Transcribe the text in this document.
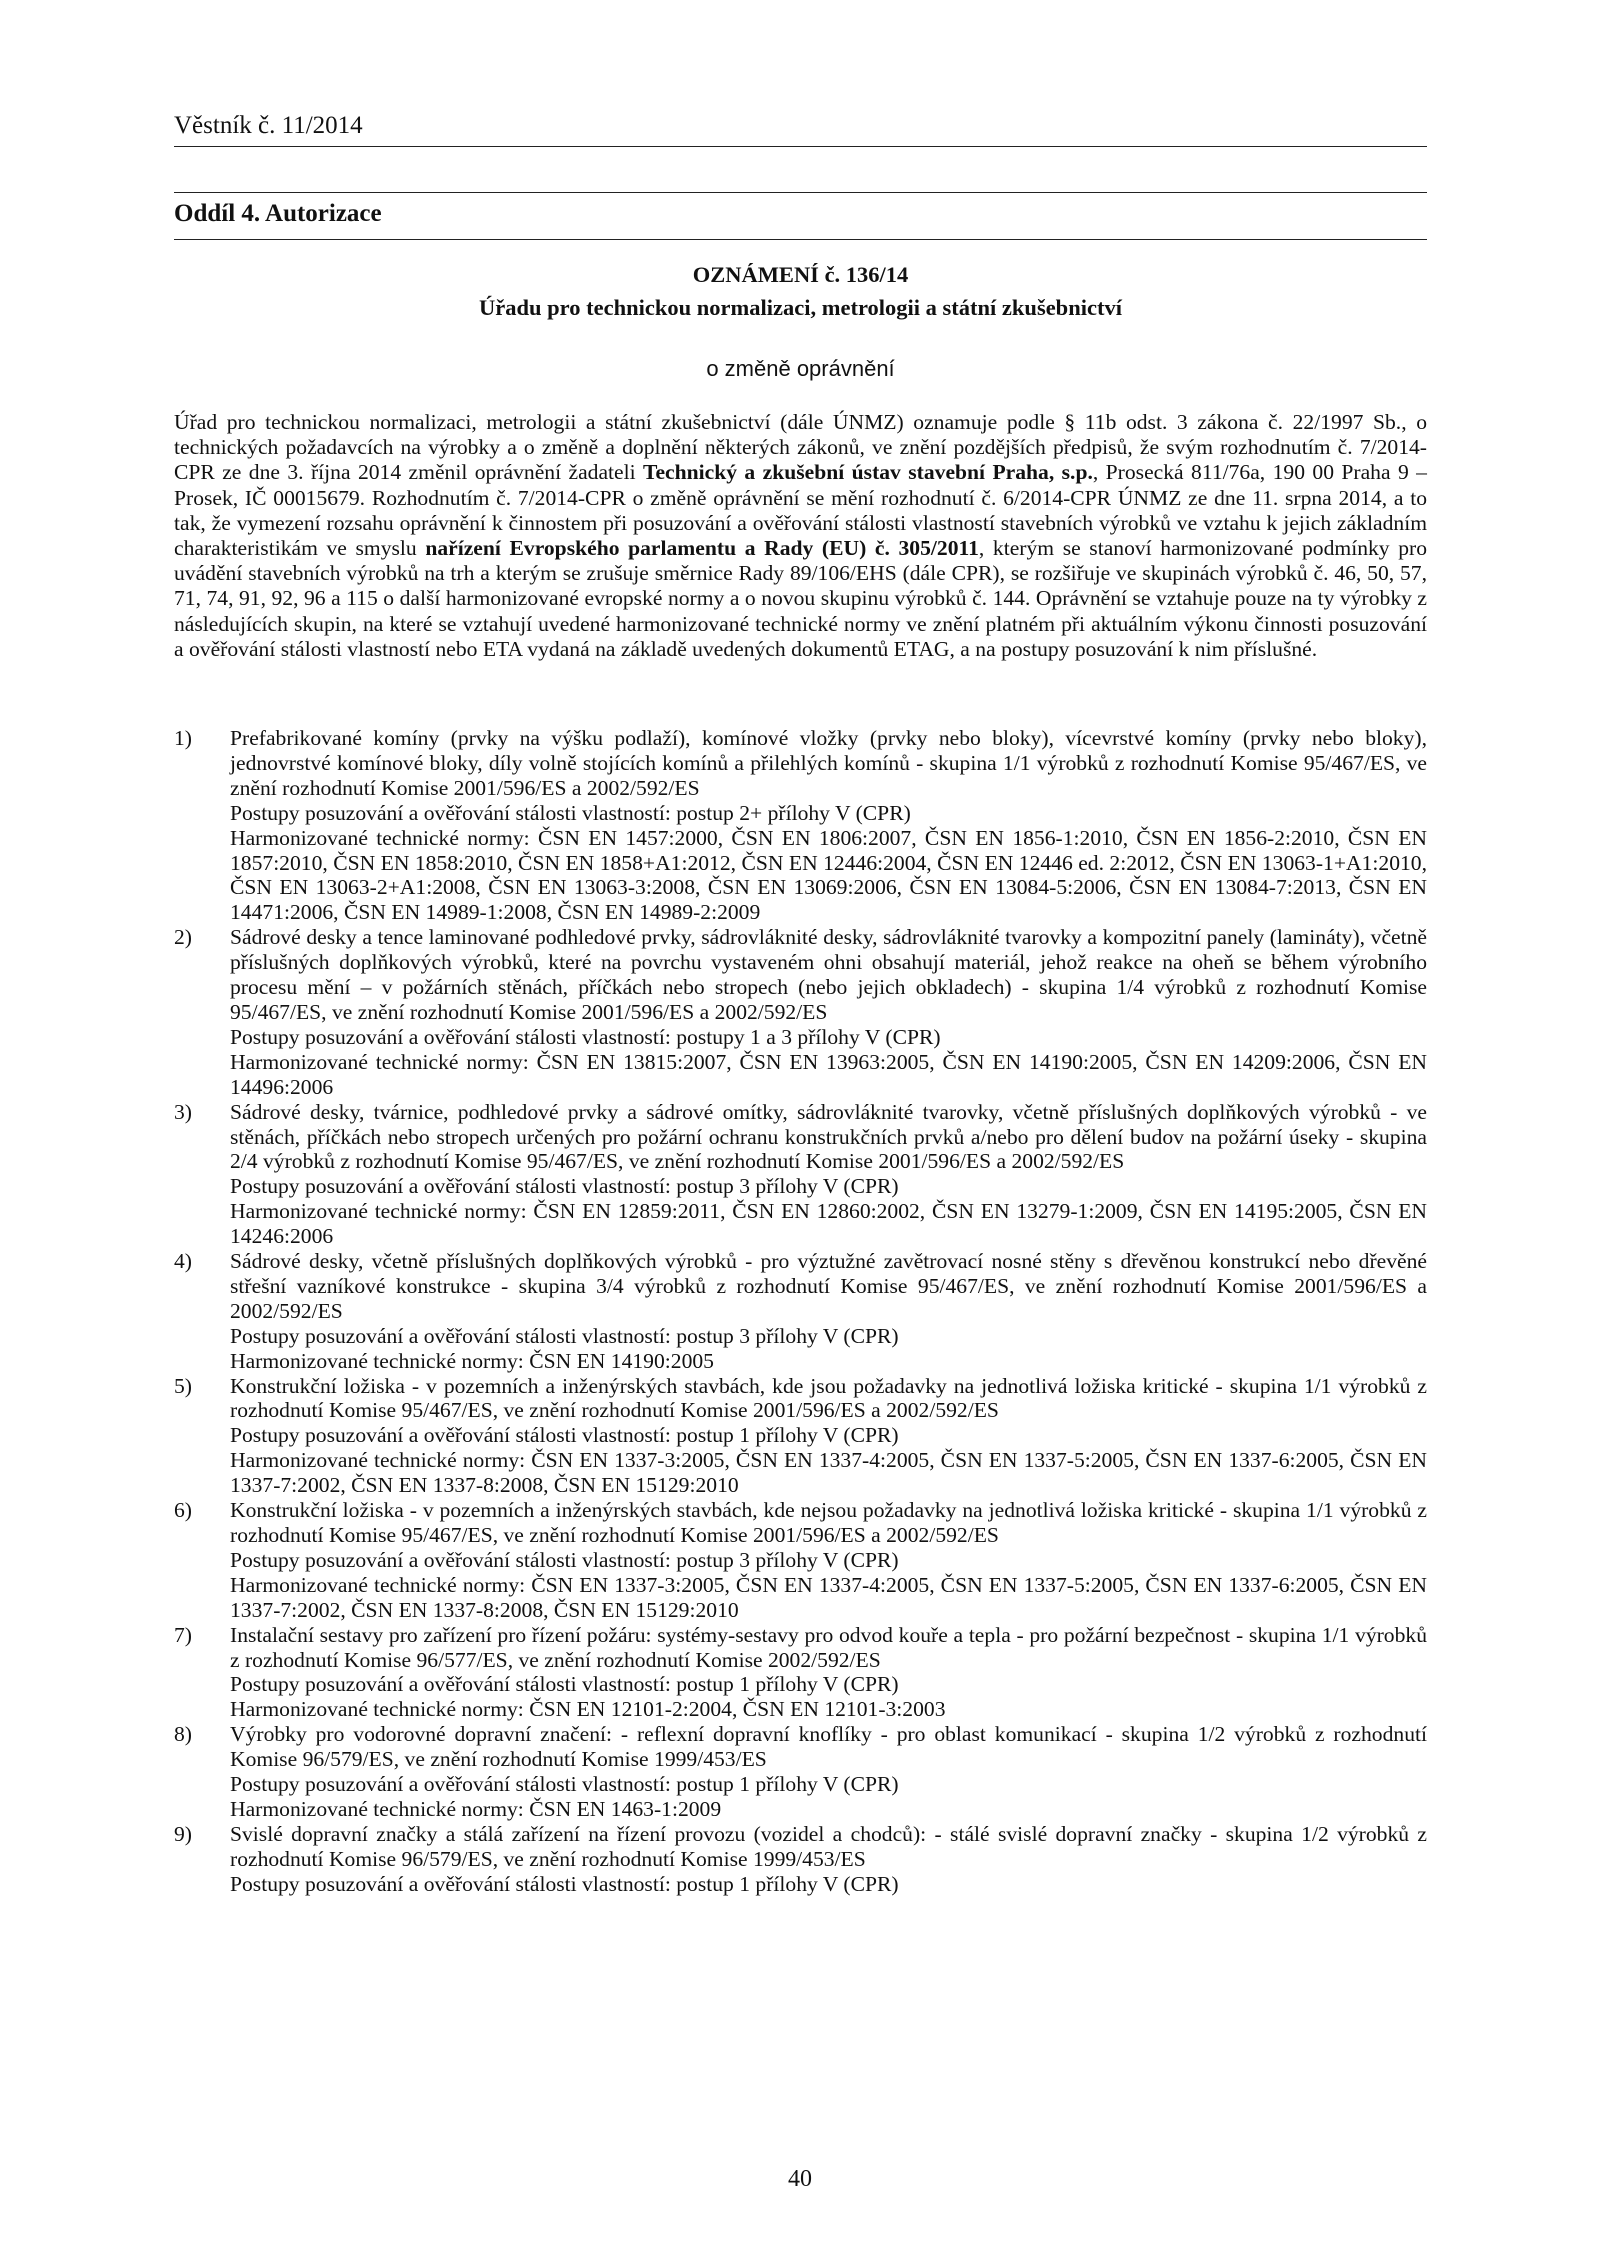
Věstník č. 11/2014
Oddíl 4. Autorizace
OZNÁMENÍ č. 136/14
Úřadu pro technickou normalizaci, metrologii a státní zkušebnictví
o změně oprávnění
Úřad pro technickou normalizaci, metrologii a státní zkušebnictví (dále ÚNMZ) oznamuje podle § 11b odst. 3 zákona č. 22/1997 Sb., o technických požadavcích na výrobky a o změně a doplnění některých zákonů, ve znění pozdějších předpisů, že svým rozhodnutím č. 7/2014-CPR ze dne 3. října 2014 změnil oprávnění žadateli Technický a zkušební ústav stavební Praha, s.p., Prosecká 811/76a, 190 00 Praha 9 – Prosek, IČ 00015679. Rozhodnutím č. 7/2014-CPR o změně oprávnění se mění rozhodnutí č. 6/2014-CPR ÚNMZ ze dne 11. srpna 2014, a to tak, že vymezení rozsahu oprávnění k činnostem při posuzování a ověřování stálosti vlastností stavebních výrobků ve vztahu k jejich základním charakteristikám ve smyslu nařízení Evropského parlamentu a Rady (EU) č. 305/2011, kterým se stanoví harmonizované podmínky pro uvádění stavebních výrobků na trh a kterým se zrušuje směrnice Rady 89/106/EHS (dále CPR), se rozšiřuje ve skupinách výrobků č. 46, 50, 57, 71, 74, 91, 92, 96 a 115 o další harmonizované evropské normy a o novou skupinu výrobků č. 144. Oprávnění se vztahuje pouze na ty výrobky z následujících skupin, na které se vztahují uvedené harmonizované technické normy ve znění platném při aktuálním výkonu činnosti posuzování a ověřování stálosti vlastností nebo ETA vydaná na základě uvedených dokumentů ETAG, a na postupy posuzování k nim příslušné.
1) Prefabrikované komíny (prvky na výšku podlaží), komínové vložky (prvky nebo bloky), vícevrstvé komíny (prvky nebo bloky), jednovrstvé komínové bloky, díly volně stojících komínů a přilehlých komínů - skupina 1/1 výrobků z rozhodnutí Komise 95/467/ES, ve znění rozhodnutí Komise 2001/596/ES a 2002/592/ES
Postupy posuzování a ověřování stálosti vlastností: postup 2+ přílohy V (CPR)
Harmonizované technické normy: ČSN EN 1457:2000, ČSN EN 1806:2007, ČSN EN 1856-1:2010, ČSN EN 1856-2:2010, ČSN EN 1857:2010, ČSN EN 1858:2010, ČSN EN 1858+A1:2012, ČSN EN 12446:2004, ČSN EN 12446 ed. 2:2012, ČSN EN 13063-1+A1:2010, ČSN EN 13063-2+A1:2008, ČSN EN 13063-3:2008, ČSN EN 13069:2006, ČSN EN 13084-5:2006, ČSN EN 13084-7:2013, ČSN EN 14471:2006, ČSN EN 14989-1:2008, ČSN EN 14989-2:2009
2) Sádrové desky a tence laminované podhledové prvky, sádrovláknité desky, sádrovláknité tvarovky a kompozitní panely (lamináty), včetně příslušných doplňkových výrobků, které na povrchu vystaveném ohni obsahují materiál, jehož reakce na oheň se během výrobního procesu mění – v požárních stěnách, příčkách nebo stropech (nebo jejich obkladech) - skupina 1/4 výrobků z rozhodnutí Komise 95/467/ES, ve znění rozhodnutí Komise 2001/596/ES a 2002/592/ES
Postupy posuzování a ověřování stálosti vlastností: postupy 1 a 3 přílohy V (CPR)
Harmonizované technické normy: ČSN EN 13815:2007, ČSN EN 13963:2005, ČSN EN 14190:2005, ČSN EN 14209:2006, ČSN EN 14496:2006
3) Sádrové desky, tvárnice, podhledové prvky a sádrové omítky, sádrovláknité tvarovky, včetně příslušných doplňkových výrobků - ve stěnách, příčkách nebo stropech určených pro požární ochranu konstrukčních prvků a/nebo pro dělení budov na požární úseky - skupina 2/4 výrobků z rozhodnutí Komise 95/467/ES, ve znění rozhodnutí Komise 2001/596/ES a 2002/592/ES
Postupy posuzování a ověřování stálosti vlastností: postup 3 přílohy V (CPR)
Harmonizované technické normy: ČSN EN 12859:2011, ČSN EN 12860:2002, ČSN EN 13279-1:2009, ČSN EN 14195:2005, ČSN EN 14246:2006
4) Sádrové desky, včetně příslušných doplňkových výrobků - pro výztužné zavětrovací nosné stěny s dřevěnou konstrukcí nebo dřevěné střešní vazníkové konstrukce - skupina 3/4 výrobků z rozhodnutí Komise 95/467/ES, ve znění rozhodnutí Komise 2001/596/ES a 2002/592/ES
Postupy posuzování a ověřování stálosti vlastností: postup 3 přílohy V (CPR)
Harmonizované technické normy: ČSN EN 14190:2005
5) Konstrukční ložiska - v pozemních a inženýrských stavbách, kde jsou požadavky na jednotlivá ložiska kritické - skupina 1/1 výrobků z rozhodnutí Komise 95/467/ES, ve znění rozhodnutí Komise 2001/596/ES a 2002/592/ES
Postupy posuzování a ověřování stálosti vlastností: postup 1 přílohy V (CPR)
Harmonizované technické normy: ČSN EN 1337-3:2005, ČSN EN 1337-4:2005, ČSN EN 1337-5:2005, ČSN EN 1337-6:2005, ČSN EN 1337-7:2002, ČSN EN 1337-8:2008, ČSN EN 15129:2010
6) Konstrukční ložiska - v pozemních a inženýrských stavbách, kde nejsou požadavky na jednotlivá ložiska kritické - skupina 1/1 výrobků z rozhodnutí Komise 95/467/ES, ve znění rozhodnutí Komise 2001/596/ES a 2002/592/ES
Postupy posuzování a ověřování stálosti vlastností: postup 3 přílohy V (CPR)
Harmonizované technické normy: ČSN EN 1337-3:2005, ČSN EN 1337-4:2005, ČSN EN 1337-5:2005, ČSN EN 1337-6:2005, ČSN EN 1337-7:2002, ČSN EN 1337-8:2008, ČSN EN 15129:2010
7) Instalační sestavy pro zařízení pro řízení požáru: systémy-sestavy pro odvod kouře a tepla - pro požární bezpečnost - skupina 1/1 výrobků z rozhodnutí Komise 96/577/ES, ve znění rozhodnutí Komise 2002/592/ES
Postupy posuzování a ověřování stálosti vlastností: postup 1 přílohy V (CPR)
Harmonizované technické normy: ČSN EN 12101-2:2004, ČSN EN 12101-3:2003
8) Výrobky pro vodorovné dopravní značení: - reflexní dopravní knoflíky - pro oblast komunikací - skupina 1/2 výrobků z rozhodnutí Komise 96/579/ES, ve znění rozhodnutí Komise 1999/453/ES
Postupy posuzování a ověřování stálosti vlastností: postup 1 přílohy V (CPR)
Harmonizované technické normy: ČSN EN 1463-1:2009
9) Svislé dopravní značky a stálá zařízení na řízení provozu (vozidel a chodců): - stálé svislé dopravní značky - skupina 1/2 výrobků z rozhodnutí Komise 96/579/ES, ve znění rozhodnutí Komise 1999/453/ES
Postupy posuzování a ověřování stálosti vlastností: postup 1 přílohy V (CPR)
40
